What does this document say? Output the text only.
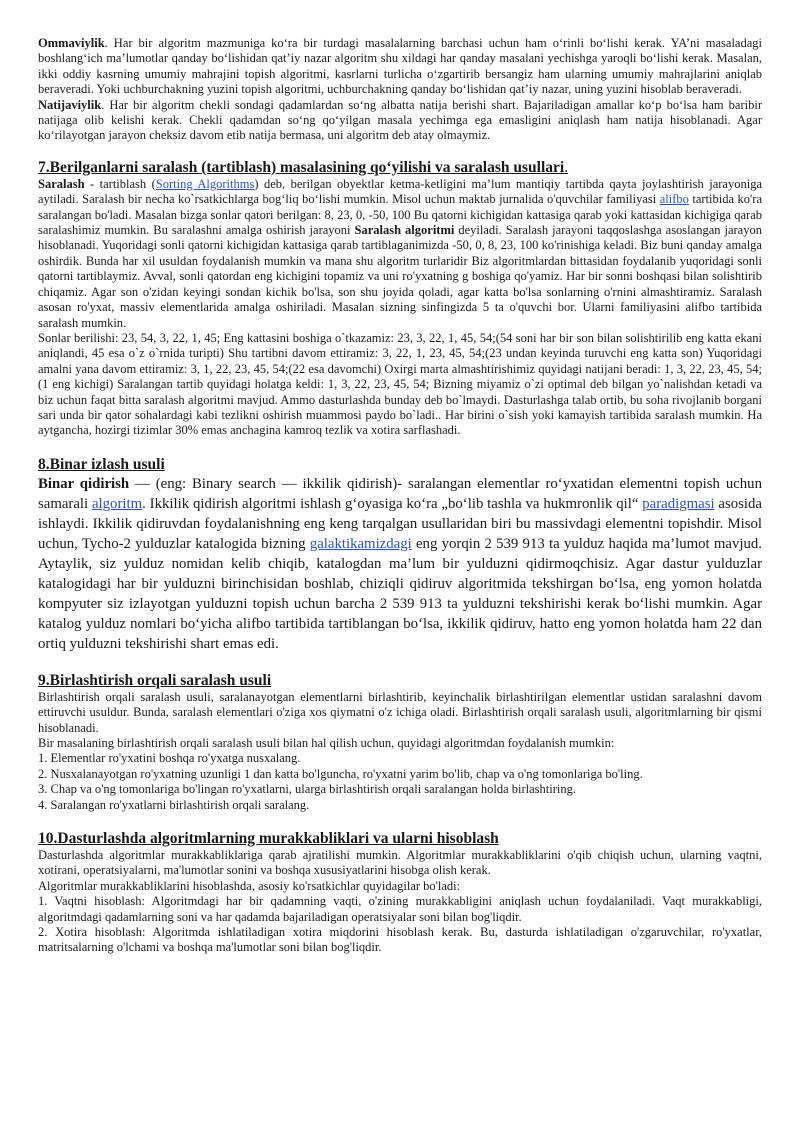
Ommaviylik. Har bir algoritm mazmuniga ko‘ra bir turdagi masalalarning barchasi uchun ham o‘rinli bo‘lishi kerak. YA’ni masaladagi boshlang‘ich ma’lumotlar qanday bo‘lishidan qat’iy nazar algoritm shu xildagi har qanday masalani yechishga yaroqli bo‘lishi kerak. Masalan, ikki oddiy kasrning umumiy mahrajini topish algoritmi, kasrlarni turlicha o‘zgartirib bersangiz ham ularning umumiy mahrajlarini aniqlab beraveradi. Yoki uchburchakning yuzini topish algoritmi, uchburchakning qanday bo‘lishidan qat’iy nazar, uning yuzini hisoblab beraveradi.

Natijaviylik. Har bir algoritm chekli sondagi qadamlardan so‘ng albatta natija berishi shart. Bajariladigan amallar ko‘p bo‘lsa ham baribir natijaga olib kelishi kerak. Chekli qadamdan so‘ng qo‘yilgan masala yechimga ega emasligini aniqlash ham natija hisoblanadi. Agar ko‘rilayotgan jarayon cheksiz davom etib natija bermasa, uni algoritm deb atay olmaymiz.

7.Berilganlarni saralash (tartiblash) masalasining qo‘yilishi va saralash usullari.

Saralash - tartiblash (Sorting Algorithms) deb, berilgan obyektlar ketma-ketligini maʼlum mantiqiy tartibda qayta joylashtirish jarayoniga aytiladi. Saralash bir necha ko`rsatkichlarga bogʻliq boʻlishi mumkin. Misol uchun maktab jurnalida o'quvchilar familiyasi alifbo tartibida ko'ra saralangan bo'ladi. Masalan bizga sonlar qatori berilgan: 8, 23, 0, -50, 100 Bu qatorni kichigidan kattasiga qarab yoki kattasidan kichigiga qarab saralashimiz mumkin. Bu saralashni amalga oshirish jarayoni Saralash algoritmi deyiladi. Saralash jarayoni taqqoslashga asoslangan jarayon hisoblanadi. Yuqoridagi sonli qatorni kichigidan kattasiga qarab tartiblaganimizda -50, 0, 8, 23, 100 ko'rinishiga keladi. Biz buni qanday amalga oshirdik. Bunda har xil usuldan foydalanish mumkin va mana shu algoritm turlaridir Biz algoritmlardan bittasidan foydalanib yuqoridagi sonli qatorni tartiblaymiz. Avval, sonli qatordan eng kichigini topamiz va uni ro'yxatning g boshiga qo'yamiz. Har bir sonni boshqasi bilan solishtirib chiqamiz. Agar son o'zidan keyingi sondan kichik bo'lsa, son shu joyida qoladi, agar katta bo'lsa sonlarning o'rnini almashtiramiz. Saralash asosan ro'yxat, massiv elementlarida amalga oshiriladi. Masalan sizning sinfingizda 5 ta o'quvchi bor. Ularni familiyasini alifbo tartibida saralash mumkin.

Sonlar berilishi: 23, 54, 3, 22, 1, 45; Eng kattasini boshiga o`tkazamiz: 23, 3, 22, 1, 45, 54;(54 soni har bir son bilan solishtirilib eng katta ekani aniqlandi, 45 esa o`z o`rnida turipti) Shu tartibni davom ettiramiz: 3, 22, 1, 23, 45, 54;(23 undan keyinda turuvchi eng katta son) Yuqoridagi amalni yana davom ettiramiz: 3, 1, 22, 23, 45, 54;(22 esa davomchi) Oxirgi marta almashtirishimiz quyidagi natijani beradi: 1, 3, 22, 23, 45, 54;(1 eng kichigi) Saralangan tartib quyidagi holatga keldi: 1, 3, 22, 23, 45, 54; Bizning miyamiz o`zi optimal deb bilgan yo`nalishdan ketadi va biz uchun faqat bitta saralash algoritmi mavjud. Ammo dasturlashda bunday deb bo`lmaydi. Dasturlashga talab ortib, bu soha rivojlanib borgani sari unda bir qator sohalardagi kabi tezlikni oshirish muammosi paydo bo`ladi.. Har birini o`sish yoki kamayish tartibida saralash mumkin. Ha aytgancha, hozirgi tizimlar 30% emas anchagina kamroq tezlik va xotira sarflashadi.

8.Binar izlash usuli

Binar qidirish — (eng: Binary search — ikkilik qidirish)- saralangan elementlar ro‘yxatidan elementni topish uchun samarali algoritm. Ikkilik qidirish algoritmi ishlash g‘oyasiga ko‘ra „bo‘lib tashla va hukmronlik qil“ paradigmasi asosida ishlaydi. Ikkilik qidiruvdan foydalanishning eng keng tarqalgan usullaridan biri bu massivdagi elementni topishdir. Misol uchun, Tycho-2 yulduzlar katalogida bizning galaktikamizdagi eng yorqin 2 539 913 ta yulduz haqida ma’lumot mavjud. Aytaylik, siz yulduz nomidan kelib chiqib, katalogdan ma’lum bir yulduzni qidirmoqchisiz. Agar dastur yulduzlar katalogidagi har bir yulduzni birinchisidan boshlab, chiziqli qidiruv algoritmida tekshirgan bo‘lsa, eng yomon holatda kompyuter siz izlayotgan yulduzni topish uchun barcha 2 539 913 ta yulduzni tekshirishi kerak bo‘lishi mumkin. Agar katalog yulduz nomlari bo‘yicha alifbo tartibida tartiblangan bo‘lsa, ikkilik qidiruv, hatto eng yomon holatda ham 22 dan ortiq yulduzni tekshirishi shart emas edi.

9.Birlashtirish orqali saralash usuli

Birlashtirish orqali saralash usuli, saralanayotgan elementlarni birlashtirib, keyinchalik birlashtirilgan elementlar ustidan saralashni davom ettiruvchi usuldur. Bunda, saralash elementlari o'ziga xos qiymatni o'z ichiga oladi. Birlashtirish orqali saralash usuli, algoritmlarning bir qismi hisoblanadi.

Bir masalaning birlashtirish orqali saralash usuli bilan hal qilish uchun, quyidagi algoritmdan foydalanish mumkin:

1. Elementlar ro'yxatini boshqa ro'yxatga nusxalang.

2. Nusxalanayotgan ro'yxatning uzunligi 1 dan katta bo'lguncha, ro'yxatni yarim bo'lib, chap va o'ng tomonlariga bo'ling.

3. Chap va o'ng tomonlariga bo'lingan ro'yxatlarni, ularga birlashtirish orqali saralangan holda birlashtiring.

4. Saralangan ro'yxatlarni birlashtirish orqali saralang.

10.Dasturlashda algoritmlarning murakkabliklari va ularni hisoblash

Dasturlashda algoritmlar murakkabliklariga qarab ajratilishi mumkin. Algoritmlar murakkabliklarini o'qib chiqish uchun, ularning vaqtni, xotirani, operatsiyalarni, ma'lumotlar sonini va boshqa xususiyatlarini hisobga olish kerak.

Algoritmlar murakkabliklarini hisoblashda, asosiy ko'rsatkichlar quyidagilar bo'ladi:

1. Vaqtni hisoblash: Algoritmdagi har bir qadamning vaqti, o'zining murakkabligini aniqlash uchun foydalaniladi. Vaqt murakkabligi, algoritmdagi qadamlarning soni va har qadamda bajariladigan operatsiyalar soni bilan bog'liqdir.

2. Xotira hisoblash: Algoritmda ishlatiladigan xotira miqdorini hisoblash kerak. Bu, dasturda ishlatiladigan o'zgaruvchilar, ro'yxatlar, matritsalarning o'lchami va boshqa ma'lumotlar soni bilan bog'liqdir.
